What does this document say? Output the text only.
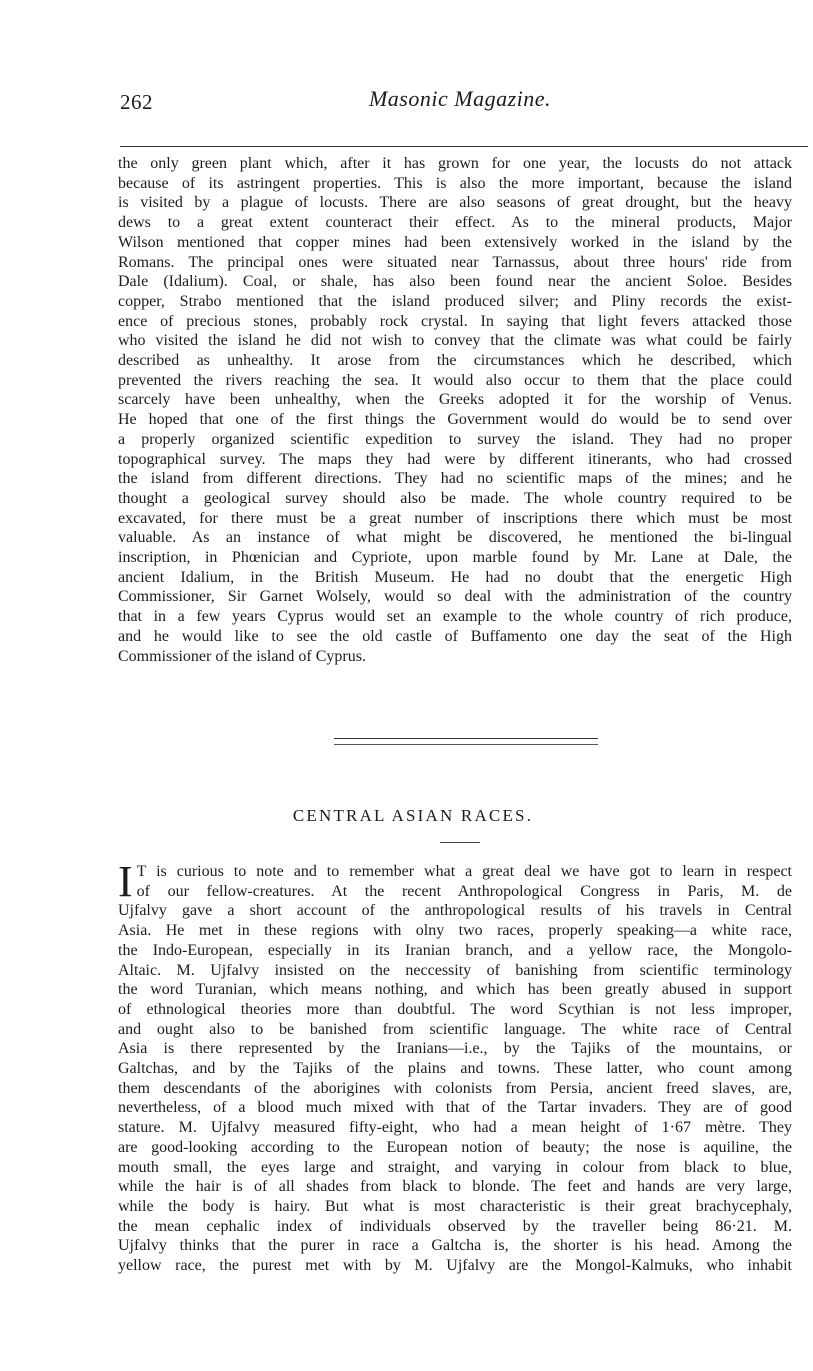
262	Masonic Magazine.

the only green plant which, after it has grown for one year, the locusts do not attack
because of its astringent properties. This is also the more important, because the island
is visited by a plague of locusts. There are also seasons of great drought, but the heavy
dews to a great extent counteract their effect. As to the mineral products, Major
Wilson mentioned that copper mines had been extensively worked in the island by the
Romans. The principal ones were situated near Tarnassus, about three hours' ride from
Dale (Idalium). Coal, or shale, has also been found near the ancient Soloe. Besides
copper, Strabo mentioned that the island produced silver; and Pliny records the exist-
ence of precious stones, probably rock crystal. In saying that light fevers attacked those
who visited the island he did not wish to convey that the climate was what could be fairly
described as unhealthy. It arose from the circumstances which he described, which
prevented the rivers reaching the sea. It would also occur to them that the place could
scarcely have been unhealthy, when the Greeks adopted it for the worship of Venus.
He hoped that one of the first things the Government would do would be to send over
a properly organized scientific expedition to survey the island. They had no proper
topographical survey. The maps they had were by different itinerants, who had crossed
the island from different directions. They had no scientific maps of the mines; and he
thought a geological survey should also be made. The whole country required to be
excavated, for there must be a great number of inscriptions there which must be most
valuable. As an instance of what might be discovered, he mentioned the bi-lingual
inscription, in Phœnician and Cypriote, upon marble found by Mr. Lane at Dale, the
ancient Idalium, in the British Museum. He had no doubt that the energetic High
Commissioner, Sir Garnet Wolsely, would so deal with the administration of the country
that in a few years Cyprus would set an example to the whole country of rich produce,
and he would like to see the old castle of Buffamento one day the seat of the High
Commissioner of the island of Cyprus.

CENTRAL ASIAN RACES.

I T is curious to note and to remember what a great deal we have got to learn in respect
of our fellow-creatures. At the recent Anthropological Congress in Paris, M. de
Ujfalvy gave a short account of the anthropological results of his travels in Central
Asia. He met in these regions with olny two races, properly speaking—a white race,
the Indo-European, especially in its Iranian branch, and a yellow race, the Mongolo-
Altaic. M. Ujfalvy insisted on the neccessity of banishing from scientific terminology
the word Turanian, which means nothing, and which has been greatly abused in support
of ethnological theories more than doubtful. The word Scythian is not less improper,
and ought also to be banished from scientific language. The white race of Central
Asia is there represented by the Iranians—i.e., by the Tajiks of the mountains, or
Galtchas, and by the Tajiks of the plains and towns. These latter, who count among
them descendants of the aborigines with colonists from Persia, ancient freed slaves, are,
nevertheless, of a blood much mixed with that of the Tartar invaders. They are of good
stature. M. Ujfalvy measured fifty-eight, who had a mean height of 1·67 mètre. They
are good-looking according to the European notion of beauty; the nose is aquiline, the
mouth small, the eyes large and straight, and varying in colour from black to blue,
while the hair is of all shades from black to blonde. The feet and hands are very large,
while the body is hairy. But what is most characteristic is their great brachycephaly,
the mean cephalic index of individuals observed by the traveller being 86·21. M.
Ujfalvy thinks that the purer in race a Galtcha is, the shorter is his head. Among the
yellow race, the purest met with by M. Ujfalvy are the Mongol-Kalmuks, who inhabit
